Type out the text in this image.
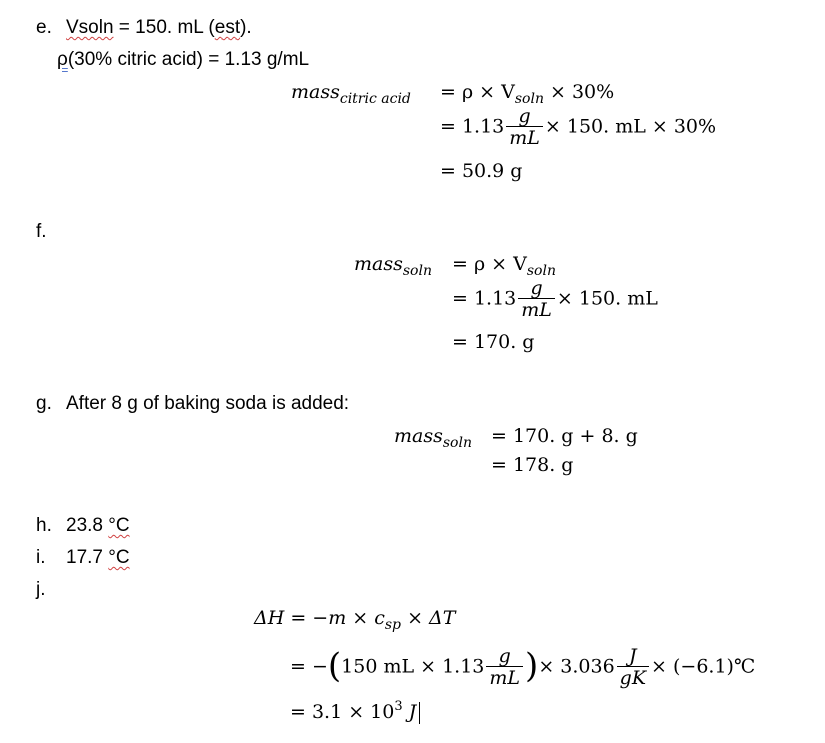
e. Vsoln = 150. mL (est).
ρ(30% citric acid) = 1.13 g/mL
mass$_{citric acid}$ = $\rho \times V_{soln} \times 30\%$
= $1.13 \frac{g}{mL} \times 150$. mL × 30%
= 50.9 g
f.
mass$_{soln}$ = $\rho \times V_{soln}$
= $1.13 \frac{g}{mL} \times 150$. mL
= 170. g
g. After 8 g of baking soda is added:
mass$_{soln}$ = 170. g + 8. g
= 178. g
h. 23.8 °C
i. 17.7 °C
j.
$\Delta H = -m \times c_{sp} \times \Delta T$
= −(150 mL × $1.13 \frac{g}{mL}$ )× $3.036 \frac{J}{gK}$ × (−6.1)℃
= $3.1 \times 10^3$ J
